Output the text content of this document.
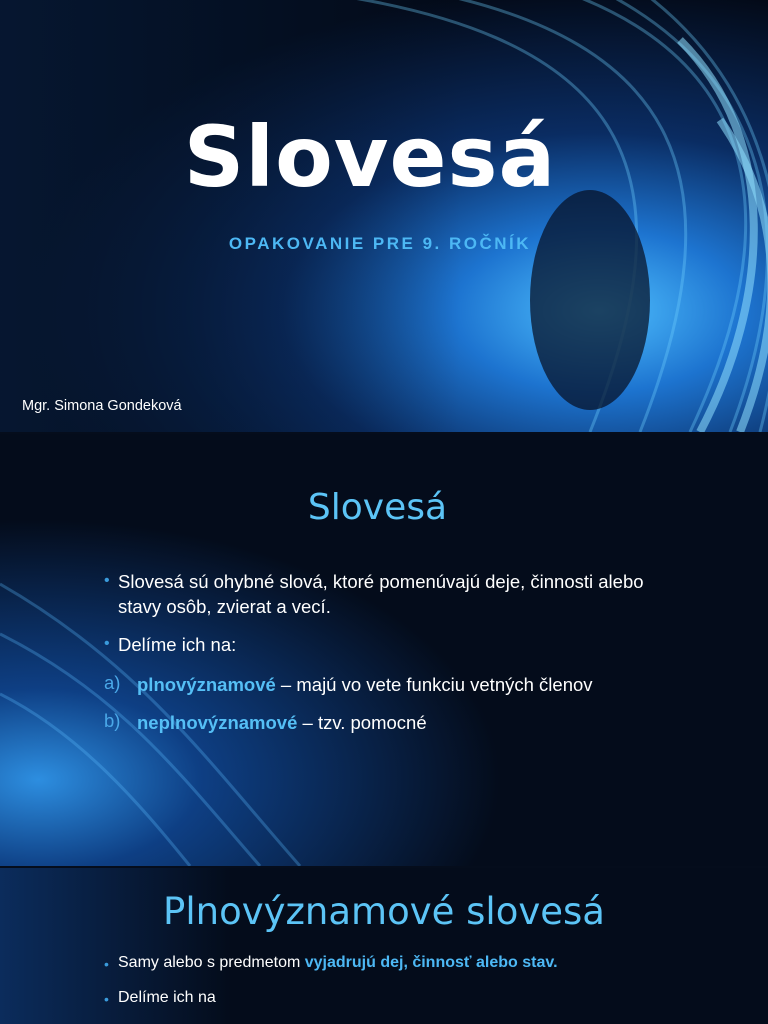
Slovesá
OPAKOVANIE PRE 9. ROČNÍK
Mgr. Simona Gondeková
Slovesá
• Slovesá sú ohybné slová, ktoré pomenúvajú deje, činnosti alebo
stavy osôb, zvierat a vecí.
• Delíme ich na:
a) plnovýznamové – majú vo vete funkciu vetných členov
b) neplnovýznamové – tzv. pomocné
Plnovýznamové slovesá
• Samy alebo s predmetom vyjadrujú dej, činnosť alebo stav.
• Delíme ich na
